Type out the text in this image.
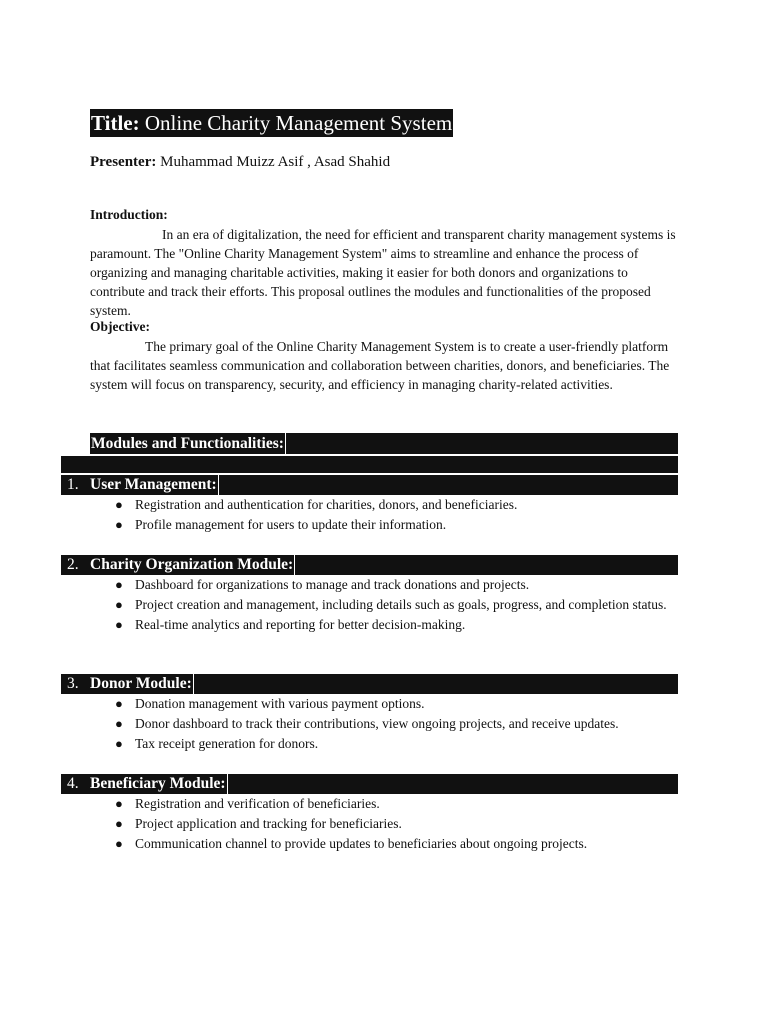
Title: Online Charity Management System
Presenter: Muhammad Muizz Asif , Asad Shahid
Introduction:
In an era of digitalization, the need for efficient and transparent charity management systems is paramount. The "Online Charity Management System" aims to streamline and enhance the process of organizing and managing charitable activities, making it easier for both donors and organizations to contribute and track their efforts. This proposal outlines the modules and functionalities of the proposed system.
Objective:
The primary goal of the Online Charity Management System is to create a user-friendly platform that facilitates seamless communication and collaboration between charities, donors, and beneficiaries. The system will focus on transparency, security, and efficiency in managing charity-related activities.
Modules and Functionalities:
1. User Management:
● Registration and authentication for charities, donors, and beneficiaries.
● Profile management for users to update their information.
2. Charity Organization Module:
● Dashboard for organizations to manage and track donations and projects.
● Project creation and management, including details such as goals, progress, and completion status.
● Real-time analytics and reporting for better decision-making.
3. Donor Module:
● Donation management with various payment options.
● Donor dashboard to track their contributions, view ongoing projects, and receive updates.
● Tax receipt generation for donors.
4. Beneficiary Module:
● Registration and verification of beneficiaries.
● Project application and tracking for beneficiaries.
● Communication channel to provide updates to beneficiaries about ongoing projects.
